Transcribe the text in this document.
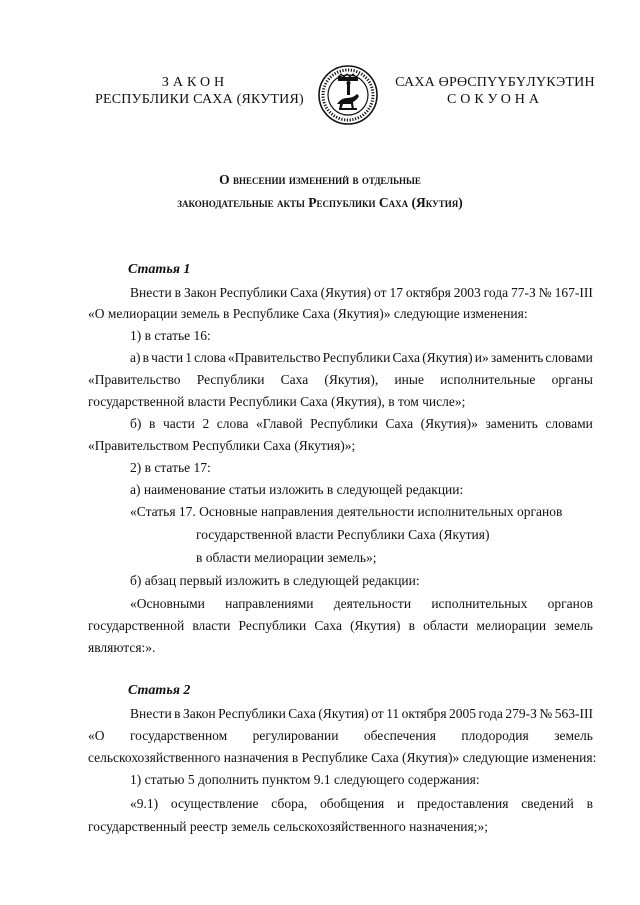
ЗАКОН
РЕСПУБЛИКИ САХА (ЯКУТИЯ)
САХА ӨРӨСПҮҮБҮЛҮКЭТИН
СОКУОНА
О внесении изменений в отдельные
законодательные акты Республики Саха (Якутия)
Статья 1
Внести в Закон Республики Саха (Якутия) от 17 октября 2003 года 77-З № 167-III
«О мелиорации земель в Республике Саха (Якутия)» следующие изменения:
1) в статье 16:
а) в части 1 слова «Правительство Республики Саха (Якутия) и» заменить словами
«Правительство Республики Саха (Якутия), иные исполнительные органы
государственной власти Республики Саха (Якутия), в том числе»;
б) в части 2 слова «Главой Республики Саха (Якутия)» заменить словами
«Правительством Республики Саха (Якутия)»;
2) в статье 17:
а) наименование статьи изложить в следующей редакции:
«Статья 17. Основные направления деятельности исполнительных органов
государственной власти Республики Саха (Якутия)
в области мелиорации земель»;
б) абзац первый изложить в следующей редакции:
«Основными направлениями деятельности исполнительных органов
государственной власти Республики Саха (Якутия) в области мелиорации земель
являются:».
Статья 2
Внести в Закон Республики Саха (Якутия) от 11 октября 2005 года 279-З № 563-III
«О государственном регулировании обеспечения плодородия земель
сельскохозяйственного назначения в Республике Саха (Якутия)» следующие изменения:
1) статью 5 дополнить пунктом 9.1 следующего содержания:
«9.1) осуществление сбора, обобщения и предоставления сведений в
государственный реестр земель сельскохозяйственного назначения;»;
